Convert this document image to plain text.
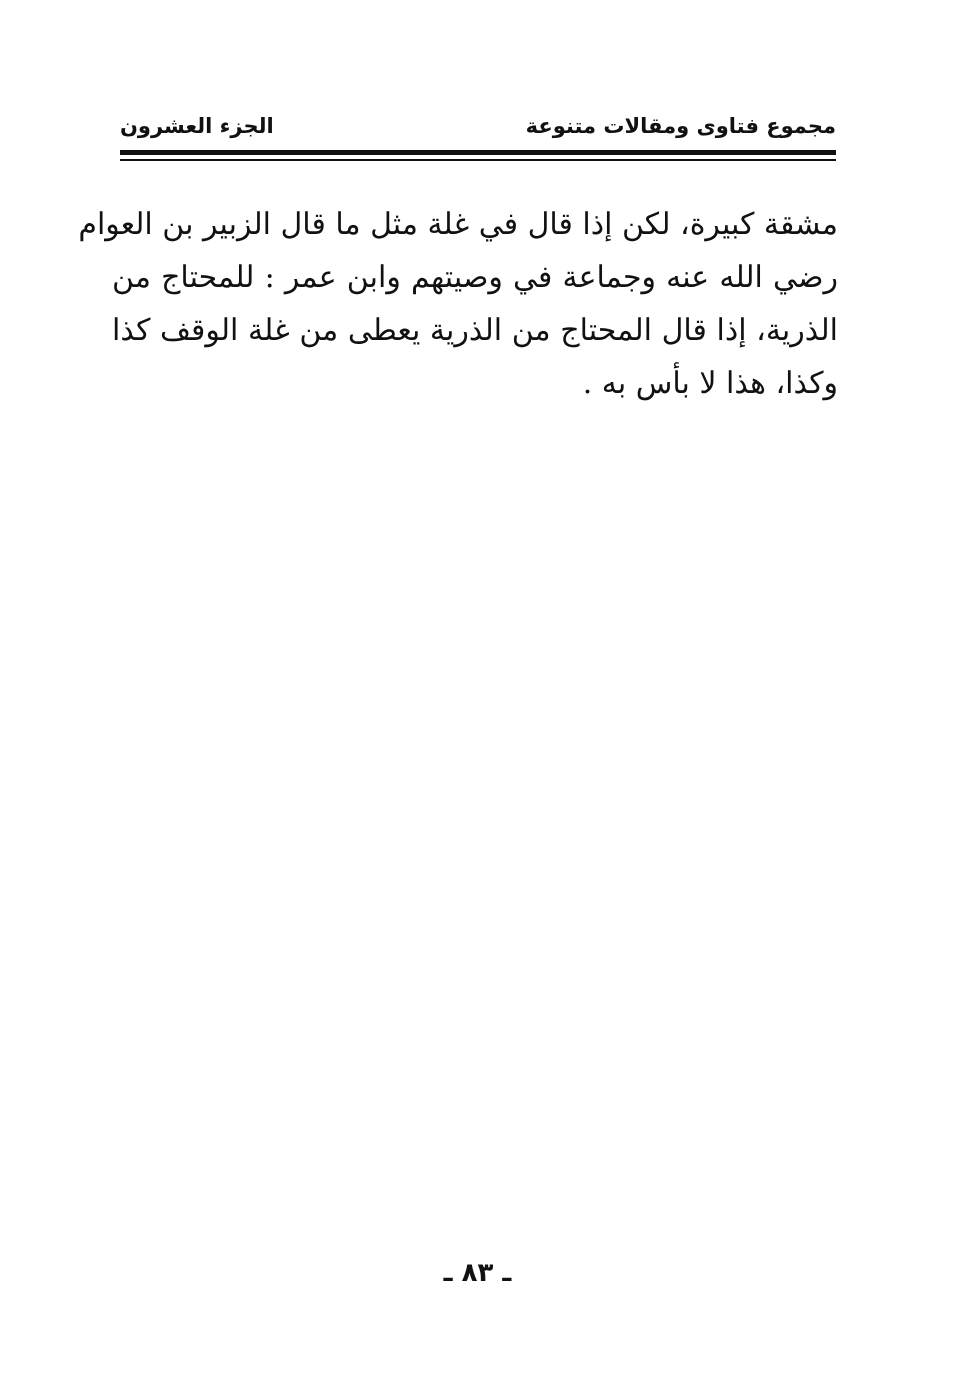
مجموع فتاوى ومقالات متنوعة
الجزء العشرون
مشقة كبيرة، لكن إذا قال في غلة مثل ما قال الزبير بن العوام
رضي الله عنه وجماعة في وصيتهم وابن عمر : للمحتاج من
الذرية، إذا قال المحتاج من الذرية يعطى من غلة الوقف كذا
وكذا، هذا لا بأس به .
ـ ٨٣ ـ
